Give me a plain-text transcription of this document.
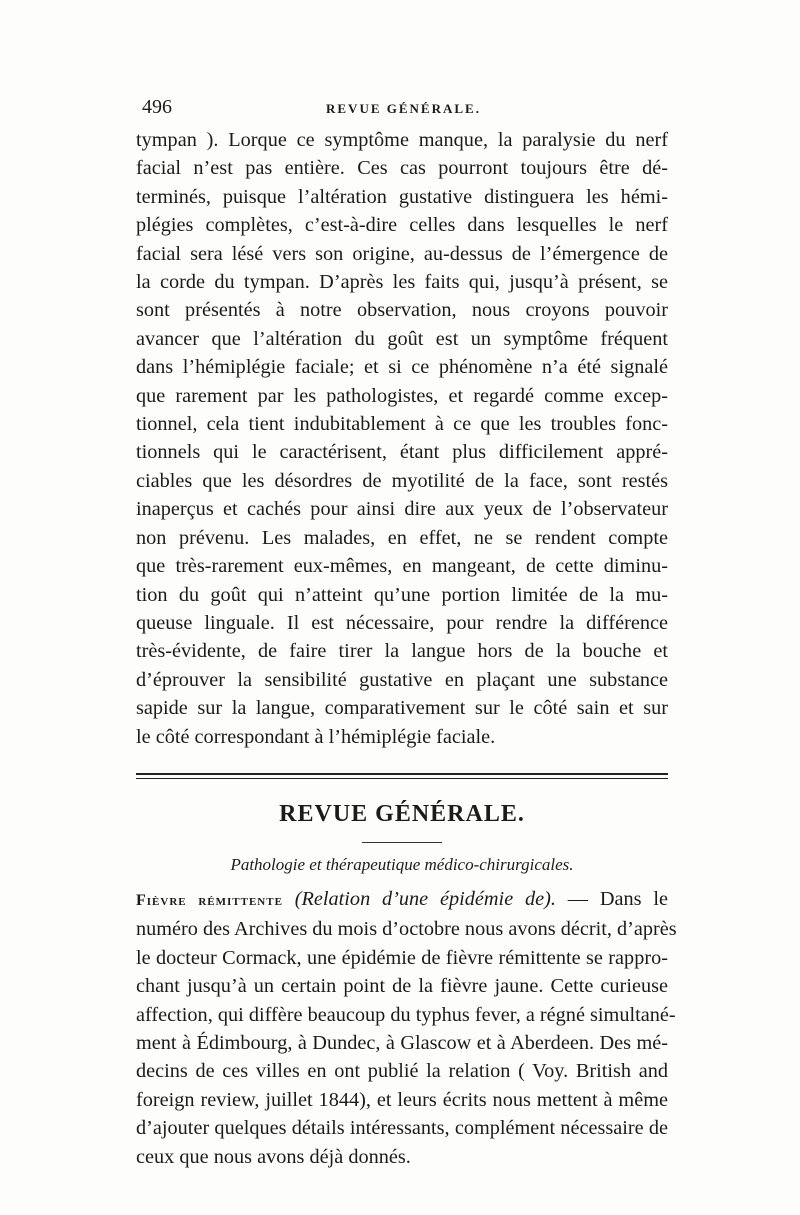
496	REVUE GÉNÉRALE.

tympan ). Lorque ce symptôme manque, la paralysie du nerf
facial n’est pas entière. Ces cas pourront toujours être dé-
terminés, puisque l’altération gustative distinguera les hémi-
plégies complètes, c’est-à-dire celles dans lesquelles le nerf
facial sera lésé vers son origine, au-dessus de l’émergence de
la corde du tympan. D’après les faits qui, jusqu’à présent, se
sont présentés à notre observation, nous croyons pouvoir
avancer que l’altération du goût est un symptôme fréquent
dans l’hémiplégie faciale; et si ce phénomène n’a été signalé
que rarement par les pathologistes, et regardé comme excep-
tionnel, cela tient indubitablement à ce que les troubles fonc-
tionnels qui le caractérisent, étant plus difficilement appré-
ciables que les désordres de myotilité de la face, sont restés
inaperçus et cachés pour ainsi dire aux yeux de l’observateur
non prévenu. Les malades, en effet, ne se rendent compte
que très-rarement eux-mêmes, en mangeant, de cette diminu-
tion du goût qui n’atteint qu’une portion limitée de la mu-
queuse linguale. Il est nécessaire, pour rendre la différence
très-évidente, de faire tirer la langue hors de la bouche et
d’éprouver la sensibilité gustative en plaçant une substance
sapide sur la langue, comparativement sur le côté sain et sur
le côté correspondant à l’hémiplégie faciale.

REVUE GÉNÉRALE.
Pathologie et thérapeutique médico-chirurgicales.

Fièvre rémittente (Relation d’une épidémie de). — Dans le
numéro des Archives du mois d’octobre nous avons décrit, d’après
le docteur Cormack, une épidémie de fièvre rémittente se rappro-
chant jusqu’à un certain point de la fièvre jaune. Cette curieuse
affection, qui diffère beaucoup du typhus fever, a régné simultané-
ment à Édimbourg, à Dundec, à Glascow et à Aberdeen. Des mé-
decins de ces villes en ont publié la relation ( Voy. British and
foreign review, juillet 1844), et leurs écrits nous mettent à même
d’ajouter quelques détails intéressants, complément nécessaire de
ceux que nous avons déjà donnés.
